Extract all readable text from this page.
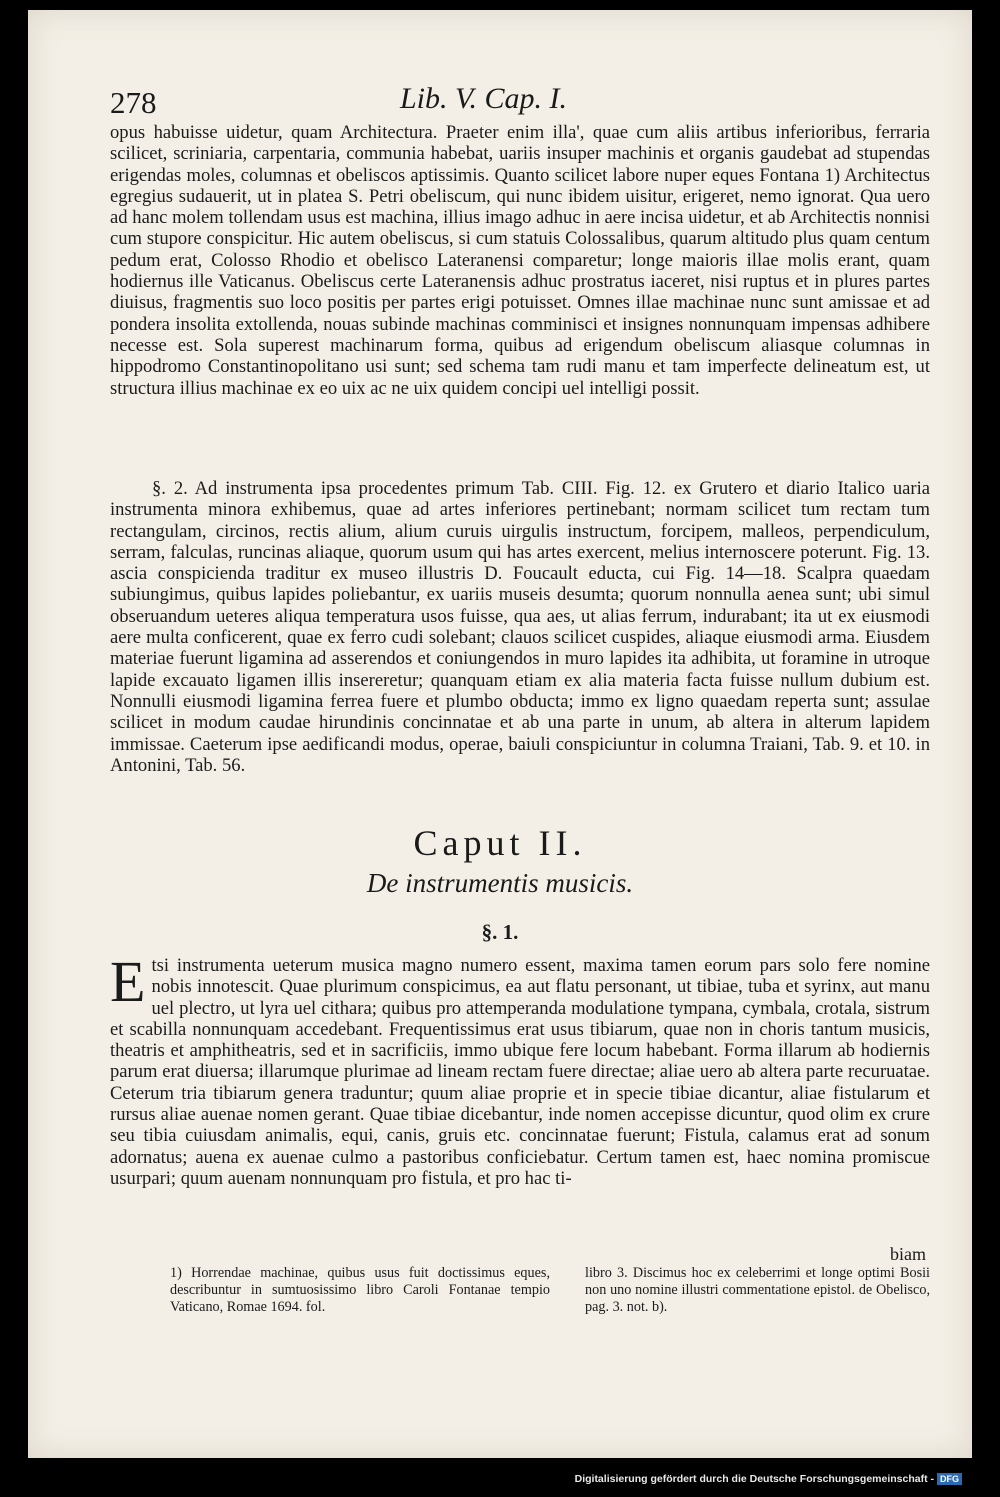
278	Lib. V. Cap. I.
opus habuisse uidetur, quam Architectura. Praeter enim illa', quae cum aliis artibus inferioribus, ferraria scilicet, scriniaria, carpentaria, communia habebat, uariis insuper machinis et organis gaudebat ad stupendas erigendas moles, columnas et obeliscos aptissimis. Quanto scilicet labore nuper eques Fontana 1) Architectus egregius sudauerit, ut in platea S. Petri obeliscum, qui nunc ibidem uisitur, erigeret, nemo ignorat. Qua uero ad hanc molem tollendam usus est machina, illius imago adhuc in aere incisa uidetur, et ab Architectis nonnisi cum stupore conspicitur. Hic autem obeliscus, si cum statuis Colossalibus, quarum altitudo plus quam centum pedum erat, Colosso Rhodio et obelisco Lateranensi comparetur; longe maioris illae molis erant, quam hodiernus ille Vaticanus. Obeliscus certe Lateranensis adhuc prostratus iaceret, nisi ruptus et in plures partes diuisus, fragmentis suo loco positis per partes erigi potuisset. Omnes illae machinae nunc sunt amissae et ad pondera insolita extollenda, nouas subinde machinas comminisci et insignes nonnunquam impensas adhibere necesse est. Sola superest machinarum forma, quibus ad erigendum obeliscum aliasque columnas in hippodromo Constantinopolitano usi sunt; sed schema tam rudi manu et tam imperfecte delineatum est, ut structura illius machinae ex eo uix ac ne uix quidem concipi uel intelligi possit.
§. 2. Ad instrumenta ipsa procedentes primum Tab. CIII. Fig. 12. ex Grutero et diario Italico uaria instrumenta minora exhibemus, quae ad artes inferiores pertinebant; normam scilicet tum rectam tum rectangulam, circinos, rectis alium, alium curuis uirgulis instructum, forcipem, malleos, perpendiculum, serram, falculas, runcinas aliaque, quorum usum qui has artes exercent, melius internoscere poterunt. Fig. 13. ascia conspicienda traditur ex museo illustris D. Foucault educta, cui Fig. 14—18. Scalpra quaedam subiungimus, quibus lapides poliebantur, ex uariis museis desumta; quorum nonnulla aenea sunt; ubi simul obseruandum ueteres aliqua temperatura usos fuisse, qua aes, ut alias ferrum, indurabant; ita ut ex eiusmodi aere multa conficerent, quae ex ferro cudi solebant; clauos scilicet cuspides, aliaque eiusmodi arma. Eiusdem materiae fuerunt ligamina ad asserendos et coniungendos in muro lapides ita adhibita, ut foramine in utroque lapide excauato ligamen illis insereretur; quanquam etiam ex alia materia facta fuisse nullum dubium est. Nonnulli eiusmodi ligamina ferrea fuere et plumbo obducta; immo ex ligno quaedam reperta sunt; assulae scilicet in modum caudae hirundinis concinnatae et ab una parte in unum, ab altera in alterum lapidem immissae. Caeterum ipse aedificandi modus, operae, baiuli conspiciuntur in columna Traiani, Tab. 9. et 10. in Antonini, Tab. 56.
Caput II.
De instrumentis musicis.
§. 1.
Etsi instrumenta ueterum musica magno numero essent, maxima tamen eorum pars solo fere nomine nobis innotescit. Quae plurimum conspicimus, ea aut flatu personant, ut tibiae, tuba et syrinx, aut manu uel plectro, ut lyra uel cithara; quibus pro attemperanda modulatione tympana, cymbala, crotala, sistrum et scabilla nonnunquam accedebant. Frequentissimus erat usus tibiarum, quae non in choris tantum musicis, theatris et amphitheatris, sed et in sacrificiis, immo ubique fere locum habebant. Forma illarum ab hodiernis parum erat diuersa; illarumque plurimae ad lineam rectam fuere directae; aliae uero ab altera parte recuruatae. Ceterum tria tibiarum genera traduntur; quum aliae proprie et in specie tibiae dicantur, aliae fistularum et rursus aliae auenae nomen gerant. Quae tibiae dicebantur, inde nomen accepisse dicuntur, quod olim ex crure seu tibia cuiusdam animalis, equi, canis, gruis etc. concinnatae fuerunt; Fistula, calamus erat ad sonum adornatus; auena ex auenae culmo a pastoribus conficiebatur. Certum tamen est, haec nomina promiscue usurpari; quum auenam nonnunquam pro fistula, et pro hac ti-
biam
1) Horrendae machinae, quibus usus fuit doctissimus eques, describuntur in sumtuosissimo libro Caroli Fontanae tempio Vaticano, Romae 1694. fol.
libro 3. Discimus hoc ex celeberrimi et longe optimi Bosii non uno nomine illustri commentatione epistol. de Obelisco, pag. 3. not. b).
Digitalisierung gefördert durch die Deutsche Forschungsgemeinschaft - DFG
